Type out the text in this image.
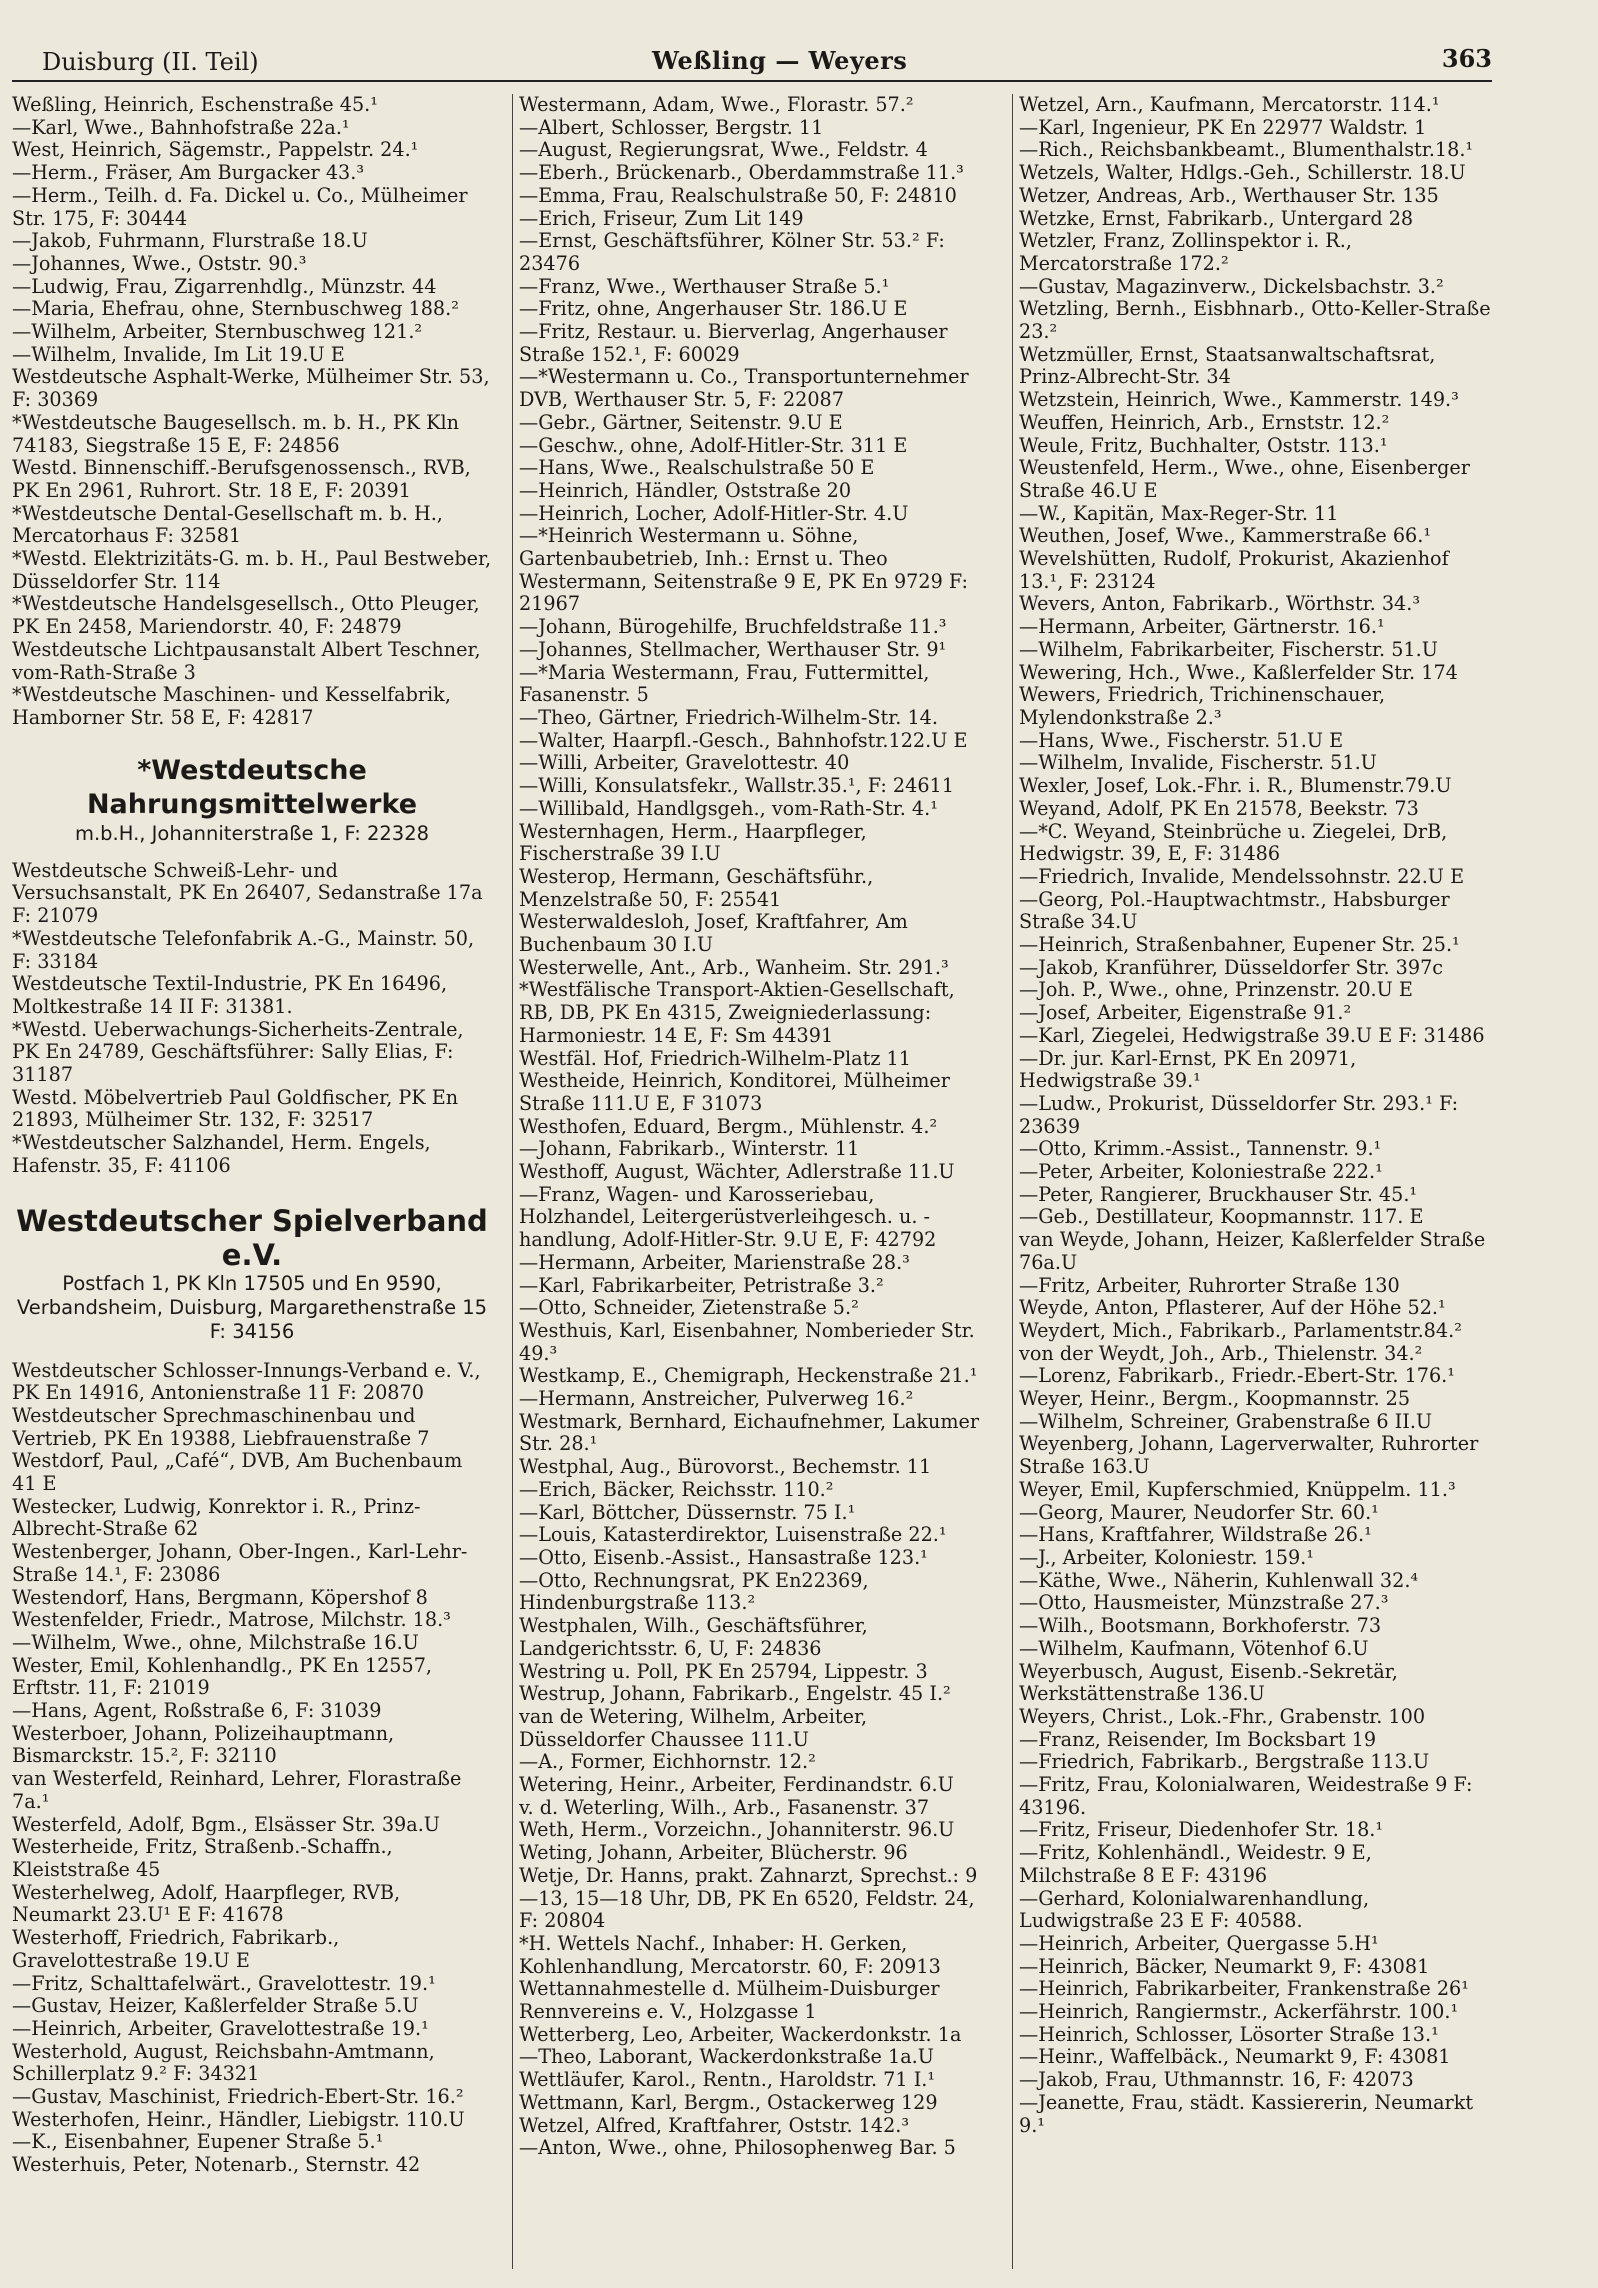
Duisburg (II. Teil)	Weßling — Weyers	363
Weßling, Heinrich, Eschenstraße 45.¹
—Karl, Wwe., Bahnhofstraße 22a.¹
West, Heinrich, Sägemstr., Pappelstr. 24.¹
—Herm., Fräser, Am Burgacker 43.³
—Herm., Teilh. d. Fa. Dickel u. Co., Mülheimer Str. 175, F: 30444
—Jakob, Fuhrmann, Flurstraße 18.U
—Johannes, Wwe., Oststr. 90.³
—Ludwig, Frau, Zigarrenhdlg., Münzstr. 44
—Maria, Ehefrau, ohne, Sternbuschweg 188.²
—Wilhelm, Arbeiter, Sternbuschweg 121.²
—Wilhelm, Invalide, Im Lit 19.U E
Westdeutsche Asphalt-Werke, Mülheimer Str. 53, F: 30369
*Westdeutsche Baugesellsch. m. b. H., PK Kln 74183, Siegstraße 15 E, F: 24856
Westd. Binnenschiff.-Berufsgenossensch., RVB, PK En 2961, Ruhrort. Str. 18 E, F: 20391
*Westdeutsche Dental-Gesellschaft m. b. H., Mercatorhaus F: 32581
*Westd. Elektrizitäts-G. m. b. H., Paul Bestweber, Düsseldorfer Str. 114
*Westdeutsche Handelsgesellsch., Otto Pleuger, PK En 2458, Mariendorstr. 40, F: 24879
Westdeutsche Lichtpausanstalt Albert Teschner, vom-Rath-Straße 3
*Westdeutsche Maschinen- und Kesselfabrik, Hamborner Str. 58 E, F: 42817
*Westdeutsche Nahrungsmittelwerke
m.b.H., Johanniterstraße 1, F: 22328
Westdeutsche Schweiß-Lehr- und Versuchsanstalt, PK En 26407, Sedanstraße 17a F: 21079
*Westdeutsche Telefonfabrik A.-G., Mainstr. 50, F: 33184
Westdeutsche Textil-Industrie, PK En 16496, Moltkestraße 14 II F: 31381.
*Westd. Ueberwachungs-Sicherheits-Zentrale, PK En 24789, Geschäftsführer: Sally Elias, F: 31187
Westd. Möbelvertrieb Paul Goldfischer, PK En 21893, Mülheimer Str. 132, F: 32517
*Westdeutscher Salzhandel, Herm. Engels, Hafenstr. 35, F: 41106
Westdeutscher Spielverband e.V.
Postfach 1, PK Kln 17505 und En 9590, Verbandsheim, Duisburg, Margarethenstraße 15 F: 34156
Westdeutscher Schlosser-Innungs-Verband e. V., PK En 14916, Antonienstraße 11 F: 20870
Westdeutscher Sprechmaschinenbau und Vertrieb, PK En 19388, Liebfrauenstraße 7
Westdorf, Paul, „Café“, DVB, Am Buchenbaum 41 E
Westecker, Ludwig, Konrektor i. R., Prinz-Albrecht-Straße 62
Westenberger, Johann, Ober-Ingen., Karl-Lehr-Straße 14.¹, F: 23086
Westendorf, Hans, Bergmann, Köpershof 8
Westenfelder, Friedr., Matrose, Milchstr. 18.³
—Wilhelm, Wwe., ohne, Milchstraße 16.U
Wester, Emil, Kohlenhandlg., PK En 12557, Erftstr. 11, F: 21019
—Hans, Agent, Roßstraße 6, F: 31039
Westerboer, Johann, Polizeihauptmann, Bismarckstr. 15.², F: 32110
van Westerfeld, Reinhard, Lehrer, Florastraße 7a.¹
Westerfeld, Adolf, Bgm., Elsässer Str. 39a.U
Westerheide, Fritz, Straßenb.-Schaffn., Kleiststraße 45
Westerhelweg, Adolf, Haarpfleger, RVB, Neumarkt 23.U¹ E F: 41678
Westerhoff, Friedrich, Fabrikarb., Gravelottestraße 19.U E
—Fritz, Schalttafelwärt., Gravelottestr. 19.¹
—Gustav, Heizer, Kaßlerfelder Straße 5.U
—Heinrich, Arbeiter, Gravelottestraße 19.¹
Westerhold, August, Reichsbahn-Amtmann, Schillerplatz 9.² F: 34321
—Gustav, Maschinist, Friedrich-Ebert-Str. 16.²
Westerhofen, Heinr., Händler, Liebigstr. 110.U
—K., Eisenbahner, Eupener Straße 5.¹
Westerhuis, Peter, Notenarb., Sternstr. 42
Westermann, Adam, Wwe., Florastr. 57.²
—Albert, Schlosser, Bergstr. 11
—August, Regierungsrat, Wwe., Feldstr. 4
—Eberh., Brückenarb., Oberdammstraße 11.³
—Emma, Frau, Realschulstraße 50, F: 24810
—Erich, Friseur, Zum Lit 149
—Ernst, Geschäftsführer, Kölner Str. 53.² F: 23476
—Franz, Wwe., Werthauser Straße 5.¹
—Fritz, ohne, Angerhauser Str. 186.U E
—Fritz, Restaur. u. Bierverlag, Angerhauser Straße 152.¹, F: 60029
—*Westermann u. Co., Transportunternehmer DVB, Werthauser Str. 5, F: 22087
—Gebr., Gärtner, Seitenstr. 9.U E
—Geschw., ohne, Adolf-Hitler-Str. 311 E
—Hans, Wwe., Realschulstraße 50 E
—Heinrich, Händler, Oststraße 20
—Heinrich, Locher, Adolf-Hitler-Str. 4.U
—*Heinrich Westermann u. Söhne, Gartenbaubetrieb, Inh.: Ernst u. Theo Westermann, Seitenstraße 9 E, PK En 9729 F: 21967
—Johann, Bürogehilfe, Bruchfeldstraße 11.³
—Johannes, Stellmacher, Werthauser Str. 9¹
—*Maria Westermann, Frau, Futtermittel, Fasanenstr. 5
—Theo, Gärtner, Friedrich-Wilhelm-Str. 14.
—Walter, Haarpfl.-Gesch., Bahnhofstr.122.U E
—Willi, Arbeiter, Gravelottestr. 40
—Willi, Konsulatsfekr., Wallstr.35.¹, F: 24611
—Willibald, Handlgsgeh., vom-Rath-Str. 4.¹
Westernhagen, Herm., Haarpfleger, Fischerstraße 39 I.U
Westerop, Hermann, Geschäftsführ., Menzelstraße 50, F: 25541
Westerwaldesloh, Josef, Kraftfahrer, Am Buchenbaum 30 I.U
Westerwelle, Ant., Arb., Wanheim. Str. 291.³
*Westfälische Transport-Aktien-Gesellschaft, RB, DB, PK En 4315, Zweigniederlassung: Harmoniestr. 14 E, F: Sm 44391
Westfäl. Hof, Friedrich-Wilhelm-Platz 11
Westheide, Heinrich, Konditorei, Mülheimer Straße 111.U E, F 31073
Westhofen, Eduard, Bergm., Mühlenstr. 4.²
—Johann, Fabrikarb., Winterstr. 11
Westhoff, August, Wächter, Adlerstraße 11.U
—Franz, Wagen- und Karosseriebau, Holzhandel, Leitergerüstverleihgesch. u. -handlung, Adolf-Hitler-Str. 9.U E, F: 42792
—Hermann, Arbeiter, Marienstraße 28.³
—Karl, Fabrikarbeiter, Petristraße 3.²
—Otto, Schneider, Zietenstraße 5.²
Westhuis, Karl, Eisenbahner, Nomberieder Str. 49.³
Westkamp, E., Chemigraph, Heckenstraße 21.¹
—Hermann, Anstreicher, Pulverweg 16.²
Westmark, Bernhard, Eichaufnehmer, Lakumer Str. 28.¹
Westphal, Aug., Bürovorst., Bechemstr. 11
—Erich, Bäcker, Reichsstr. 110.²
—Karl, Böttcher, Düssernstr. 75 I.¹
—Louis, Katasterdirektor, Luisenstraße 22.¹
—Otto, Eisenb.-Assist., Hansastraße 123.¹
—Otto, Rechnungsrat, PK En22369, Hindenburgstraße 113.²
Westphalen, Wilh., Geschäftsführer, Landgerichtsstr. 6, U, F: 24836
Westring u. Poll, PK En 25794, Lippestr. 3
Westrup, Johann, Fabrikarb., Engelstr. 45 I.²
van de Wetering, Wilhelm, Arbeiter, Düsseldorfer Chaussee 111.U
—A., Former, Eichhornstr. 12.²
Wetering, Heinr., Arbeiter, Ferdinandstr. 6.U
v. d. Weterling, Wilh., Arb., Fasanenstr. 37
Weth, Herm., Vorzeichn., Johanniterstr. 96.U
Weting, Johann, Arbeiter, Blücherstr. 96
Wetje, Dr. Hanns, prakt. Zahnarzt, Sprechst.: 9—13, 15—18 Uhr, DB, PK En 6520, Feldstr. 24, F: 20804
*H. Wettels Nachf., Inhaber: H. Gerken, Kohlenhandlung, Mercatorstr. 60, F: 20913
Wettannahmestelle d. Mülheim-Duisburger Rennvereins e. V., Holzgasse 1
Wetterberg, Leo, Arbeiter, Wackerdonkstr. 1a
—Theo, Laborant, Wackerdonkstraße 1a.U
Wettläufer, Karol., Rentn., Haroldstr. 71 I.¹
Wettmann, Karl, Bergm., Ostackerweg 129
Wetzel, Alfred, Kraftfahrer, Oststr. 142.³
—Anton, Wwe., ohne, Philosophenweg Bar. 5
Wetzel, Arn., Kaufmann, Mercatorstr. 114.¹
—Karl, Ingenieur, PK En 22977 Waldstr. 1
—Rich., Reichsbankbeamt., Blumenthalstr.18.¹
Wetzels, Walter, Hdlgs.-Geh., Schillerstr. 18.U
Wetzer, Andreas, Arb., Werthauser Str. 135
Wetzke, Ernst, Fabrikarb., Untergard 28
Wetzler, Franz, Zollinspektor i. R., Mercatorstraße 172.²
—Gustav, Magazinverw., Dickelsbachstr. 3.²
Wetzling, Bernh., Eisbhnarb., Otto-Keller-Straße 23.²
Wetzmüller, Ernst, Staatsanwaltschaftsrat, Prinz-Albrecht-Str. 34
Wetzstein, Heinrich, Wwe., Kammerstr. 149.³
Weuffen, Heinrich, Arb., Ernststr. 12.²
Weule, Fritz, Buchhalter, Oststr. 113.¹
Weustenfeld, Herm., Wwe., ohne, Eisenberger Straße 46.U E
—W., Kapitän, Max-Reger-Str. 11
Weuthen, Josef, Wwe., Kammerstraße 66.¹
Wevelshütten, Rudolf, Prokurist, Akazienhof 13.¹, F: 23124
Wevers, Anton, Fabrikarb., Wörthstr. 34.³
—Hermann, Arbeiter, Gärtnerstr. 16.¹
—Wilhelm, Fabrikarbeiter, Fischerstr. 51.U
Wewering, Hch., Wwe., Kaßlerfelder Str. 174
Wewers, Friedrich, Trichinenschauer, Mylendonkstraße 2.³
—Hans, Wwe., Fischerstr. 51.U E
—Wilhelm, Invalide, Fischerstr. 51.U
Wexler, Josef, Lok.-Fhr. i. R., Blumenstr.79.U
Weyand, Adolf, PK En 21578, Beekstr. 73
—*C. Weyand, Steinbrüche u. Ziegelei, DrB, Hedwigstr. 39, E, F: 31486
—Friedrich, Invalide, Mendelssohnstr. 22.U E
—Georg, Pol.-Hauptwachtmstr., Habsburger Straße 34.U
—Heinrich, Straßenbahner, Eupener Str. 25.¹
—Jakob, Kranführer, Düsseldorfer Str. 397c
—Joh. P., Wwe., ohne, Prinzenstr. 20.U E
—Josef, Arbeiter, Eigenstraße 91.²
—Karl, Ziegelei, Hedwigstraße 39.U E F: 31486
—Dr. jur. Karl-Ernst, PK En 20971, Hedwigstraße 39.¹
—Ludw., Prokurist, Düsseldorfer Str. 293.¹ F: 23639
—Otto, Krimm.-Assist., Tannenstr. 9.¹
—Peter, Arbeiter, Koloniestraße 222.¹
—Peter, Rangierer, Bruckhauser Str. 45.¹
—Geb., Destillateur, Koopmannstr. 117. E
van Weyde, Johann, Heizer, Kaßlerfelder Straße 76a.U
—Fritz, Arbeiter, Ruhrorter Straße 130
Weyde, Anton, Pflasterer, Auf der Höhe 52.¹
Weydert, Mich., Fabrikarb., Parlamentstr.84.²
von der Weydt, Joh., Arb., Thielenstr. 34.²
—Lorenz, Fabrikarb., Friedr.-Ebert-Str. 176.¹
Weyer, Heinr., Bergm., Koopmannstr. 25
—Wilhelm, Schreiner, Grabenstraße 6 II.U
Weyenberg, Johann, Lagerverwalter, Ruhrorter Straße 163.U
Weyer, Emil, Kupferschmied, Knüppelm. 11.³
—Georg, Maurer, Neudorfer Str. 60.¹
—Hans, Kraftfahrer, Wildstraße 26.¹
—J., Arbeiter, Koloniestr. 159.¹
—Käthe, Wwe., Näherin, Kuhlenwall 32.⁴
—Otto, Hausmeister, Münzstraße 27.³
—Wilh., Bootsmann, Borkhoferstr. 73
—Wilhelm, Kaufmann, Vötenhof 6.U
Weyerbusch, August, Eisenb.-Sekretär, Werkstättenstraße 136.U
Weyers, Christ., Lok.-Fhr., Grabenstr. 100
—Franz, Reisender, Im Bocksbart 19
—Friedrich, Fabrikarb., Bergstraße 113.U
—Fritz, Frau, Kolonialwaren, Weidestraße 9 F: 43196.
—Fritz, Friseur, Diedenhofer Str. 18.¹
—Fritz, Kohlenhändl., Weidestr. 9 E, Milchstraße 8 E F: 43196
—Gerhard, Kolonialwarenhandlung, Ludwigstraße 23 E F: 40588.
—Heinrich, Arbeiter, Quergasse 5.H¹
—Heinrich, Bäcker, Neumarkt 9, F: 43081
—Heinrich, Fabrikarbeiter, Frankenstraße 26¹
—Heinrich, Rangiermstr., Ackerfährstr. 100.¹
—Heinrich, Schlosser, Lösorter Straße 13.¹
—Heinr., Waffelbäck., Neumarkt 9, F: 43081
—Jakob, Frau, Uthmannstr. 16, F: 42073
—Jeanette, Frau, städt. Kassiererin, Neumarkt 9.¹
